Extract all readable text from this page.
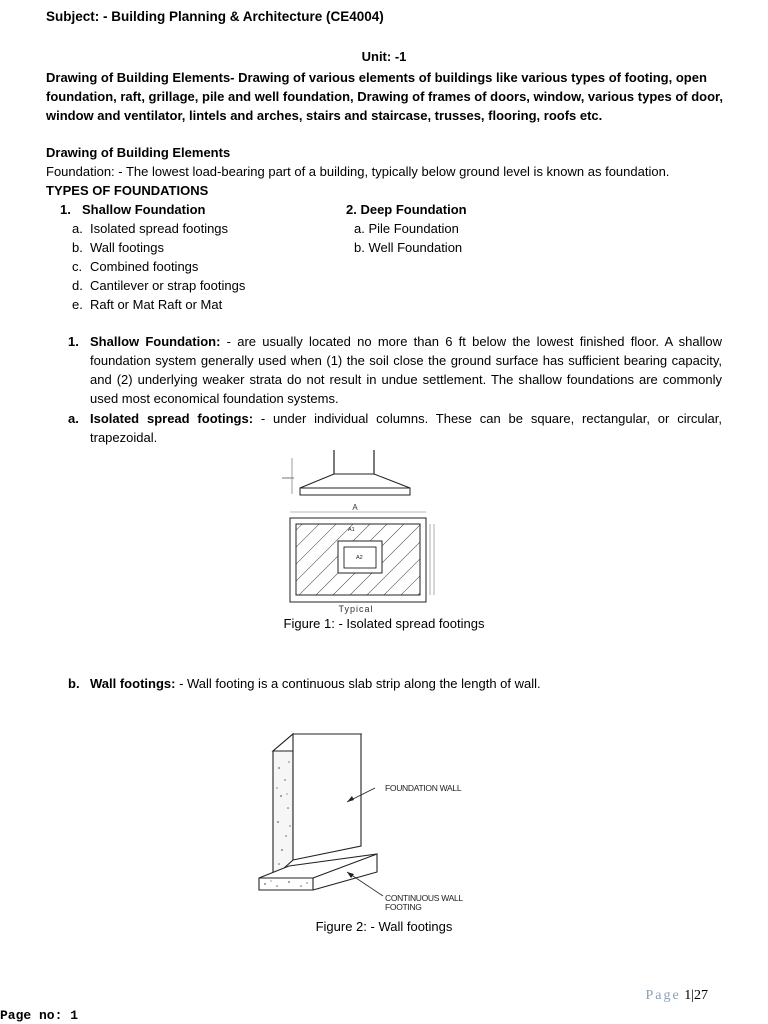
Subject: - Building Planning & Architecture (CE4004)
Unit: -1
Drawing of Building Elements- Drawing of various elements of buildings like various types of footing, open foundation, raft, grillage, pile and well foundation, Drawing of frames of doors, window, various types of door, window and ventilator, lintels and arches, stairs and staircase, trusses, flooring, roofs etc.
Drawing of Building Elements
Foundation: - The lowest load-bearing part of a building, typically below ground level is known as foundation.
TYPES OF FOUNDATIONS
1. Shallow Foundation
a. Isolated spread footings
b. Wall footings
c. Combined footings
d. Cantilever or strap footings
e. Raft or Mat Raft or Mat
2. Deep Foundation
a. Pile Foundation
b. Well Foundation
1. Shallow Foundation: - are usually located no more than 6 ft below the lowest finished floor. A shallow foundation system generally used when (1) the soil close the ground surface has sufficient bearing capacity, and (2) underlying weaker strata do not result in undue settlement. The shallow foundations are commonly used most economical foundation systems.
a. Isolated spread footings: - under individual columns. These can be square, rectangular, or circular, trapezoidal.
A
A1
A2
Typical
Figure 1: - Isolated spread footings
b. Wall footings: - Wall footing is a continuous slab strip along the length of wall.
FOUNDATION WALL
CONTINUOUS WALL
FOOTING
Figure 2: - Wall footings
Page 1|27
Page no: 1
